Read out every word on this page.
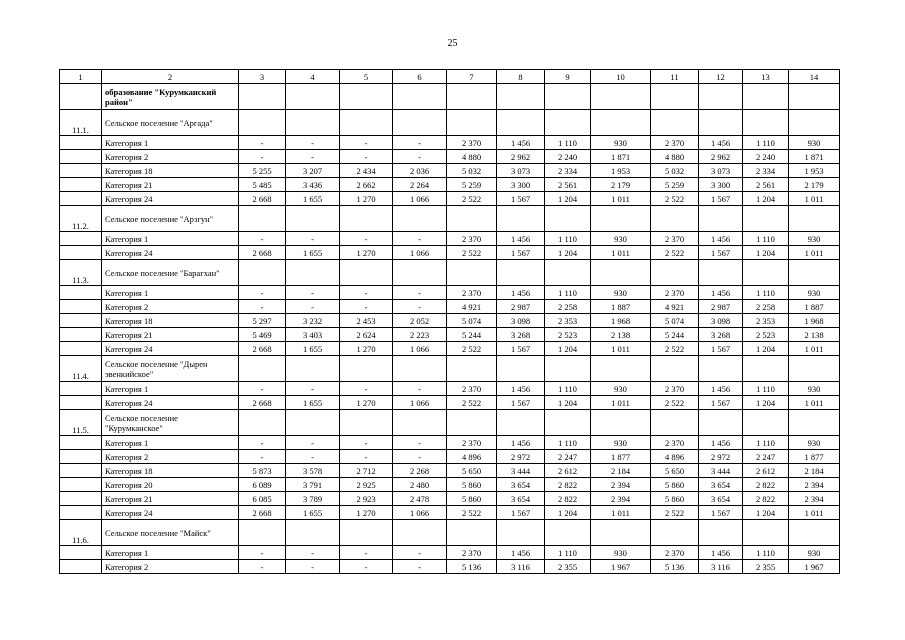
25
1	2	3	4	5	6	7	8	9	10	11	12	13	14
	образование "Курумканский район"												
11.1.	Сельское поселение "Аргада"												
	Категория 1	-	-	-	-	2 370	1 456	1 110	930	2 370	1 456	1 110	930
	Категория 2	-	-	-	-	4 880	2 962	2 240	1 871	4 880	2 962	2 240	1 871
	Категория 18	5 255	3 207	2 434	2 036	5 032	3 073	2 334	1 953	5 032	3 073	2 334	1 953
	Категория 21	5 485	3 436	2 662	2 264	5 259	3 300	2 561	2 179	5 259	3 300	2 561	2 179
	Категория 24	2 668	1 655	1 270	1 066	2 522	1 567	1 204	1 011	2 522	1 567	1 204	1 011
11.2.	Сельское поселение "Арзгун"												
	Категория 1	-	-	-	-	2 370	1 456	1 110	930	2 370	1 456	1 110	930
	Категория 24	2 668	1 655	1 270	1 066	2 522	1 567	1 204	1 011	2 522	1 567	1 204	1 011
11.3.	Сельское поселение "Барагхан"												
	Категория 1	-	-	-	-	2 370	1 456	1 110	930	2 370	1 456	1 110	930
	Категория 2	-	-	-	-	4 921	2 987	2 258	1 887	4 921	2 987	2 258	1 887
	Категория 18	5 297	3 232	2 453	2 052	5 074	3 098	2 353	1 968	5 074	3 098	2 353	1 968
	Категория 21	5 469	3 403	2 624	2 223	5 244	3 268	2 523	2 138	5 244	3 268	2 523	2 138
	Категория 24	2 668	1 655	1 270	1 066	2 522	1 567	1 204	1 011	2 522	1 567	1 204	1 011
11.4.	Сельское поселение "Дырен эвенкийское"												
	Категория 1	-	-	-	-	2 370	1 456	1 110	930	2 370	1 456	1 110	930
	Категория 24	2 668	1 655	1 270	1 066	2 522	1 567	1 204	1 011	2 522	1 567	1 204	1 011
11.5.	Сельское поселение "Курумканское"												
	Категория 1	-	-	-	-	2 370	1 456	1 110	930	2 370	1 456	1 110	930
	Категория 2	-	-	-	-	4 896	2 972	2 247	1 877	4 896	2 972	2 247	1 877
	Категория 18	5 873	3 578	2 712	2 268	5 650	3 444	2 612	2 184	5 650	3 444	2 612	2 184
	Категория 20	6 089	3 791	2 925	2 480	5 860	3 654	2 822	2 394	5 860	3 654	2 822	2 394
	Категория 21	6 085	3 789	2 923	2 478	5 860	3 654	2 822	2 394	5 860	3 654	2 822	2 394
	Категория 24	2 668	1 655	1 270	1 066	2 522	1 567	1 204	1 011	2 522	1 567	1 204	1 011
11.6.	Сельское поселение "Майск"												
	Категория 1	-	-	-	-	2 370	1 456	1 110	930	2 370	1 456	1 110	930
	Категория 2	-	-	-	-	5 136	3 116	2 355	1 967	5 136	3 116	2 355	1 967
